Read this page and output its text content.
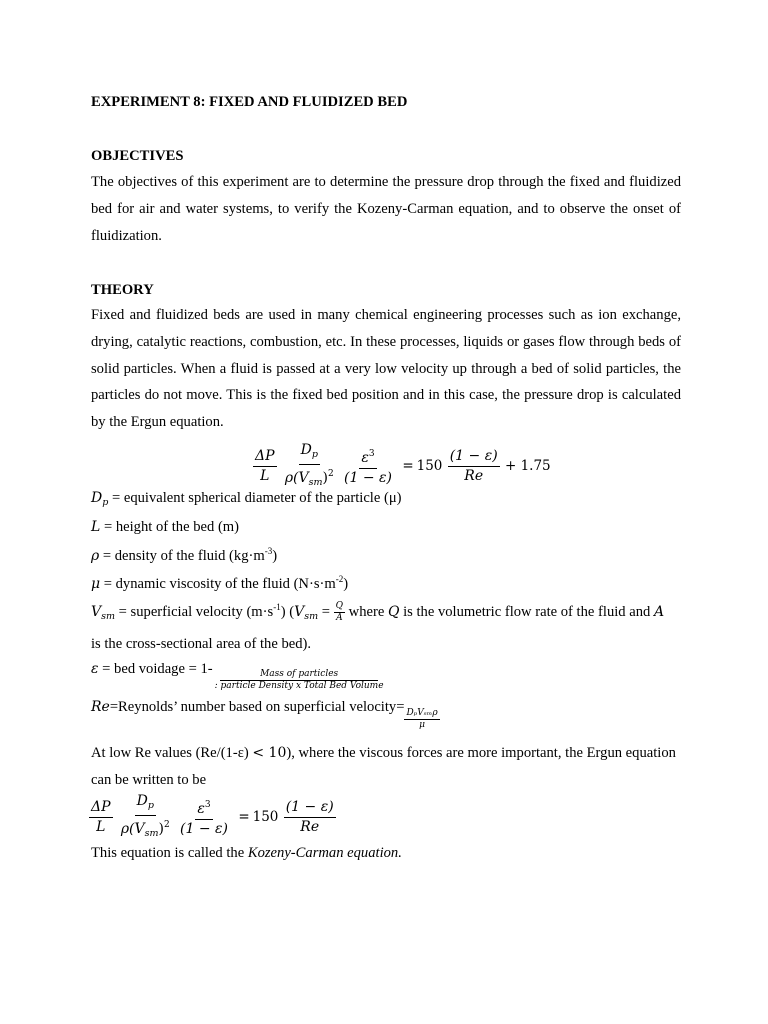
EXPERIMENT 8: FIXED AND FLUIDIZED BED
OBJECTIVES
The objectives of this experiment are to determine the pressure drop through the fixed and fluidized bed for air and water systems, to verify the Kozeny-Carman equation, and to observe the onset of fluidization.
THEORY
Fixed and fluidized beds are used in many chemical engineering processes such as ion exchange, drying, catalytic reactions, combustion, etc. In these processes, liquids or gases flow through beds of solid particles. When a fluid is passed at a very low velocity up through a bed of solid particles, the particles do not move. This is the fixed bed position and in this case, the pressure drop is calculated by the Ergun equation.
$\frac{\Delta P}{L}$
$\frac{D_p}{\rho(V_{sm})^2}$
$\frac{\varepsilon^3}{(1 - \varepsilon)} = 150 \frac{(1 - \varepsilon)}{Re} + 1.75$
$D_p$ = equivalent spherical diameter of the particle (μ)
L = height of the bed (m)
ρ = density of the fluid $(kg\cdot m^{-3})$
μ = dynamic viscosity of the fluid $(N\cdot s\cdot m^{-2})$
$V_{sm}$ = superficial velocity $(m\cdot s^{-1}) (V_{sm} = \frac{Q}{A}$ where Q is the volumetric flow rate of the fluid and A
is the cross-sectional area of the bed).
ε = bed voidage = $1- \frac{\text{Mass of particles}}{\text{: particle Density x Total Bed Volume}}$
Re=Reynolds’ number based on superficial velocity=
$\frac{\text{DₚVₛₘρ}}{\mu}$
At low Re values (Re/(1-ε) < 10), where the viscous forces are more important, the Ergun equation
can be written to be
$\frac{\Delta P}{L}$
$\frac{D_p}{\rho(V_{sm})^2}$
$\frac{\varepsilon^3}{(1 - \varepsilon)} = 150 \frac{(1 - \varepsilon)}{Re}$
This equation is called the Kozeny-Carman equation.
